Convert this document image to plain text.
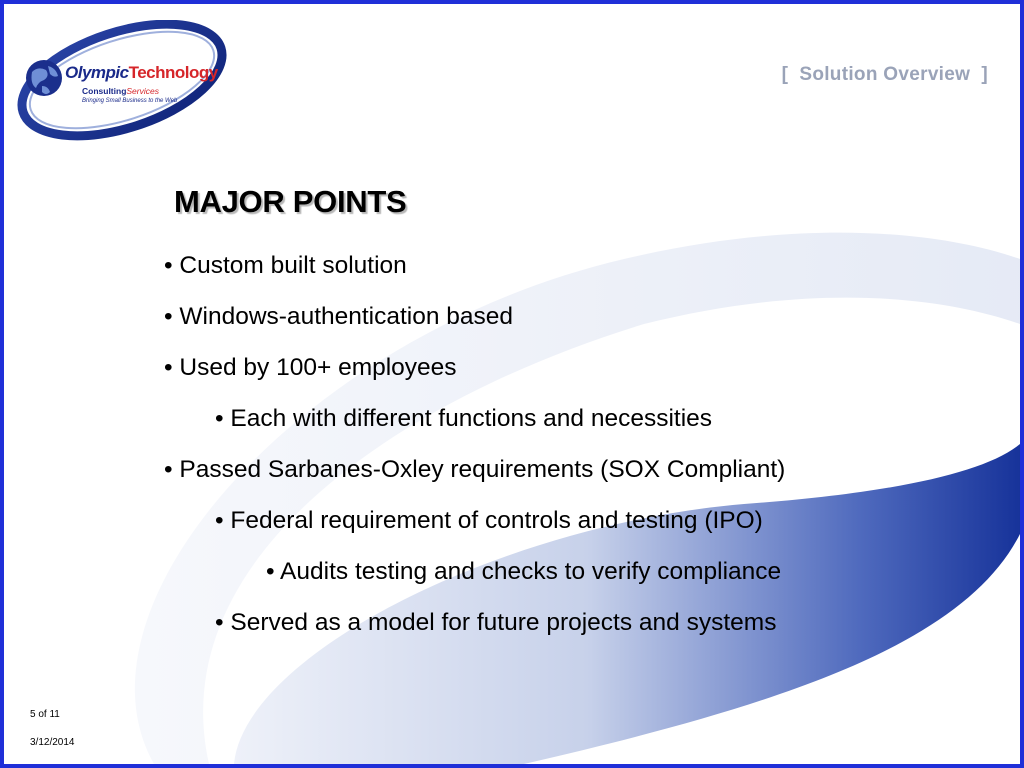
OlympicTechnology
ConsultingServices
Bringing Small Business to the Web
[  Solution Overview  ]
MAJOR POINTS
• Custom built solution
• Windows-authentication based
• Used by 100+ employees
• Each with different functions and necessities
• Passed Sarbanes-Oxley requirements (SOX Compliant)
• Federal requirement of controls and testing (IPO)
• Audits testing and checks to verify compliance
• Served as a model for future projects and systems
5 of 11
3/12/2014
